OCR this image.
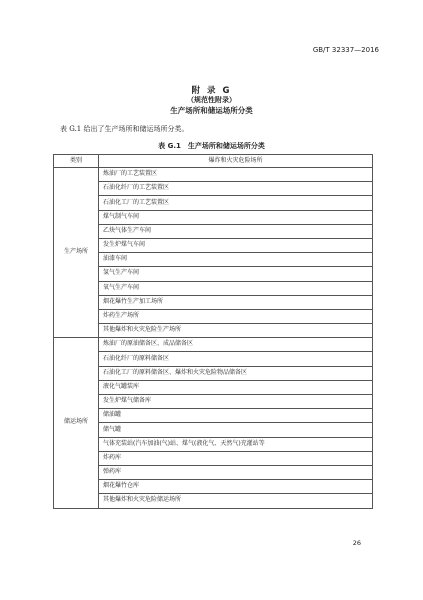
GB/T 32337—2016
附 录 G
（规范性附录）
生产场所和储运场所分类
表 G.1 给出了生产场所和储运场所分类。
表 G.1　生产场所和储运场所分类
类别	爆炸和火灾危险场所
生产场所	炼油厂的工艺装置区
	石油化纤厂的工艺装置区
	石油化工厂的工艺装置区
	煤气制气车间
	乙炔气体生产车间
	发生炉煤气车间
	油漆车间
	氢气生产车间
	氧气生产车间
	烟花爆竹生产加工场所
	炸药生产场所
	其他爆炸和火灾危险生产场所
储运场所	炼油厂的原油储备区、成品储备区
	石油化纤厂的原料储备区
	石油化工厂的原料储备区、爆炸和火灾危险物品储备区
	液化气罐装库
	发生炉煤气储备库
	储油罐
	储气罐
	气体充装站(汽车加油(气)站、煤气(液化气、天然气)充灌站等
	炸药库
	弹药库
	烟花爆竹仓库
	其他爆炸和火灾危险储运场所
26
